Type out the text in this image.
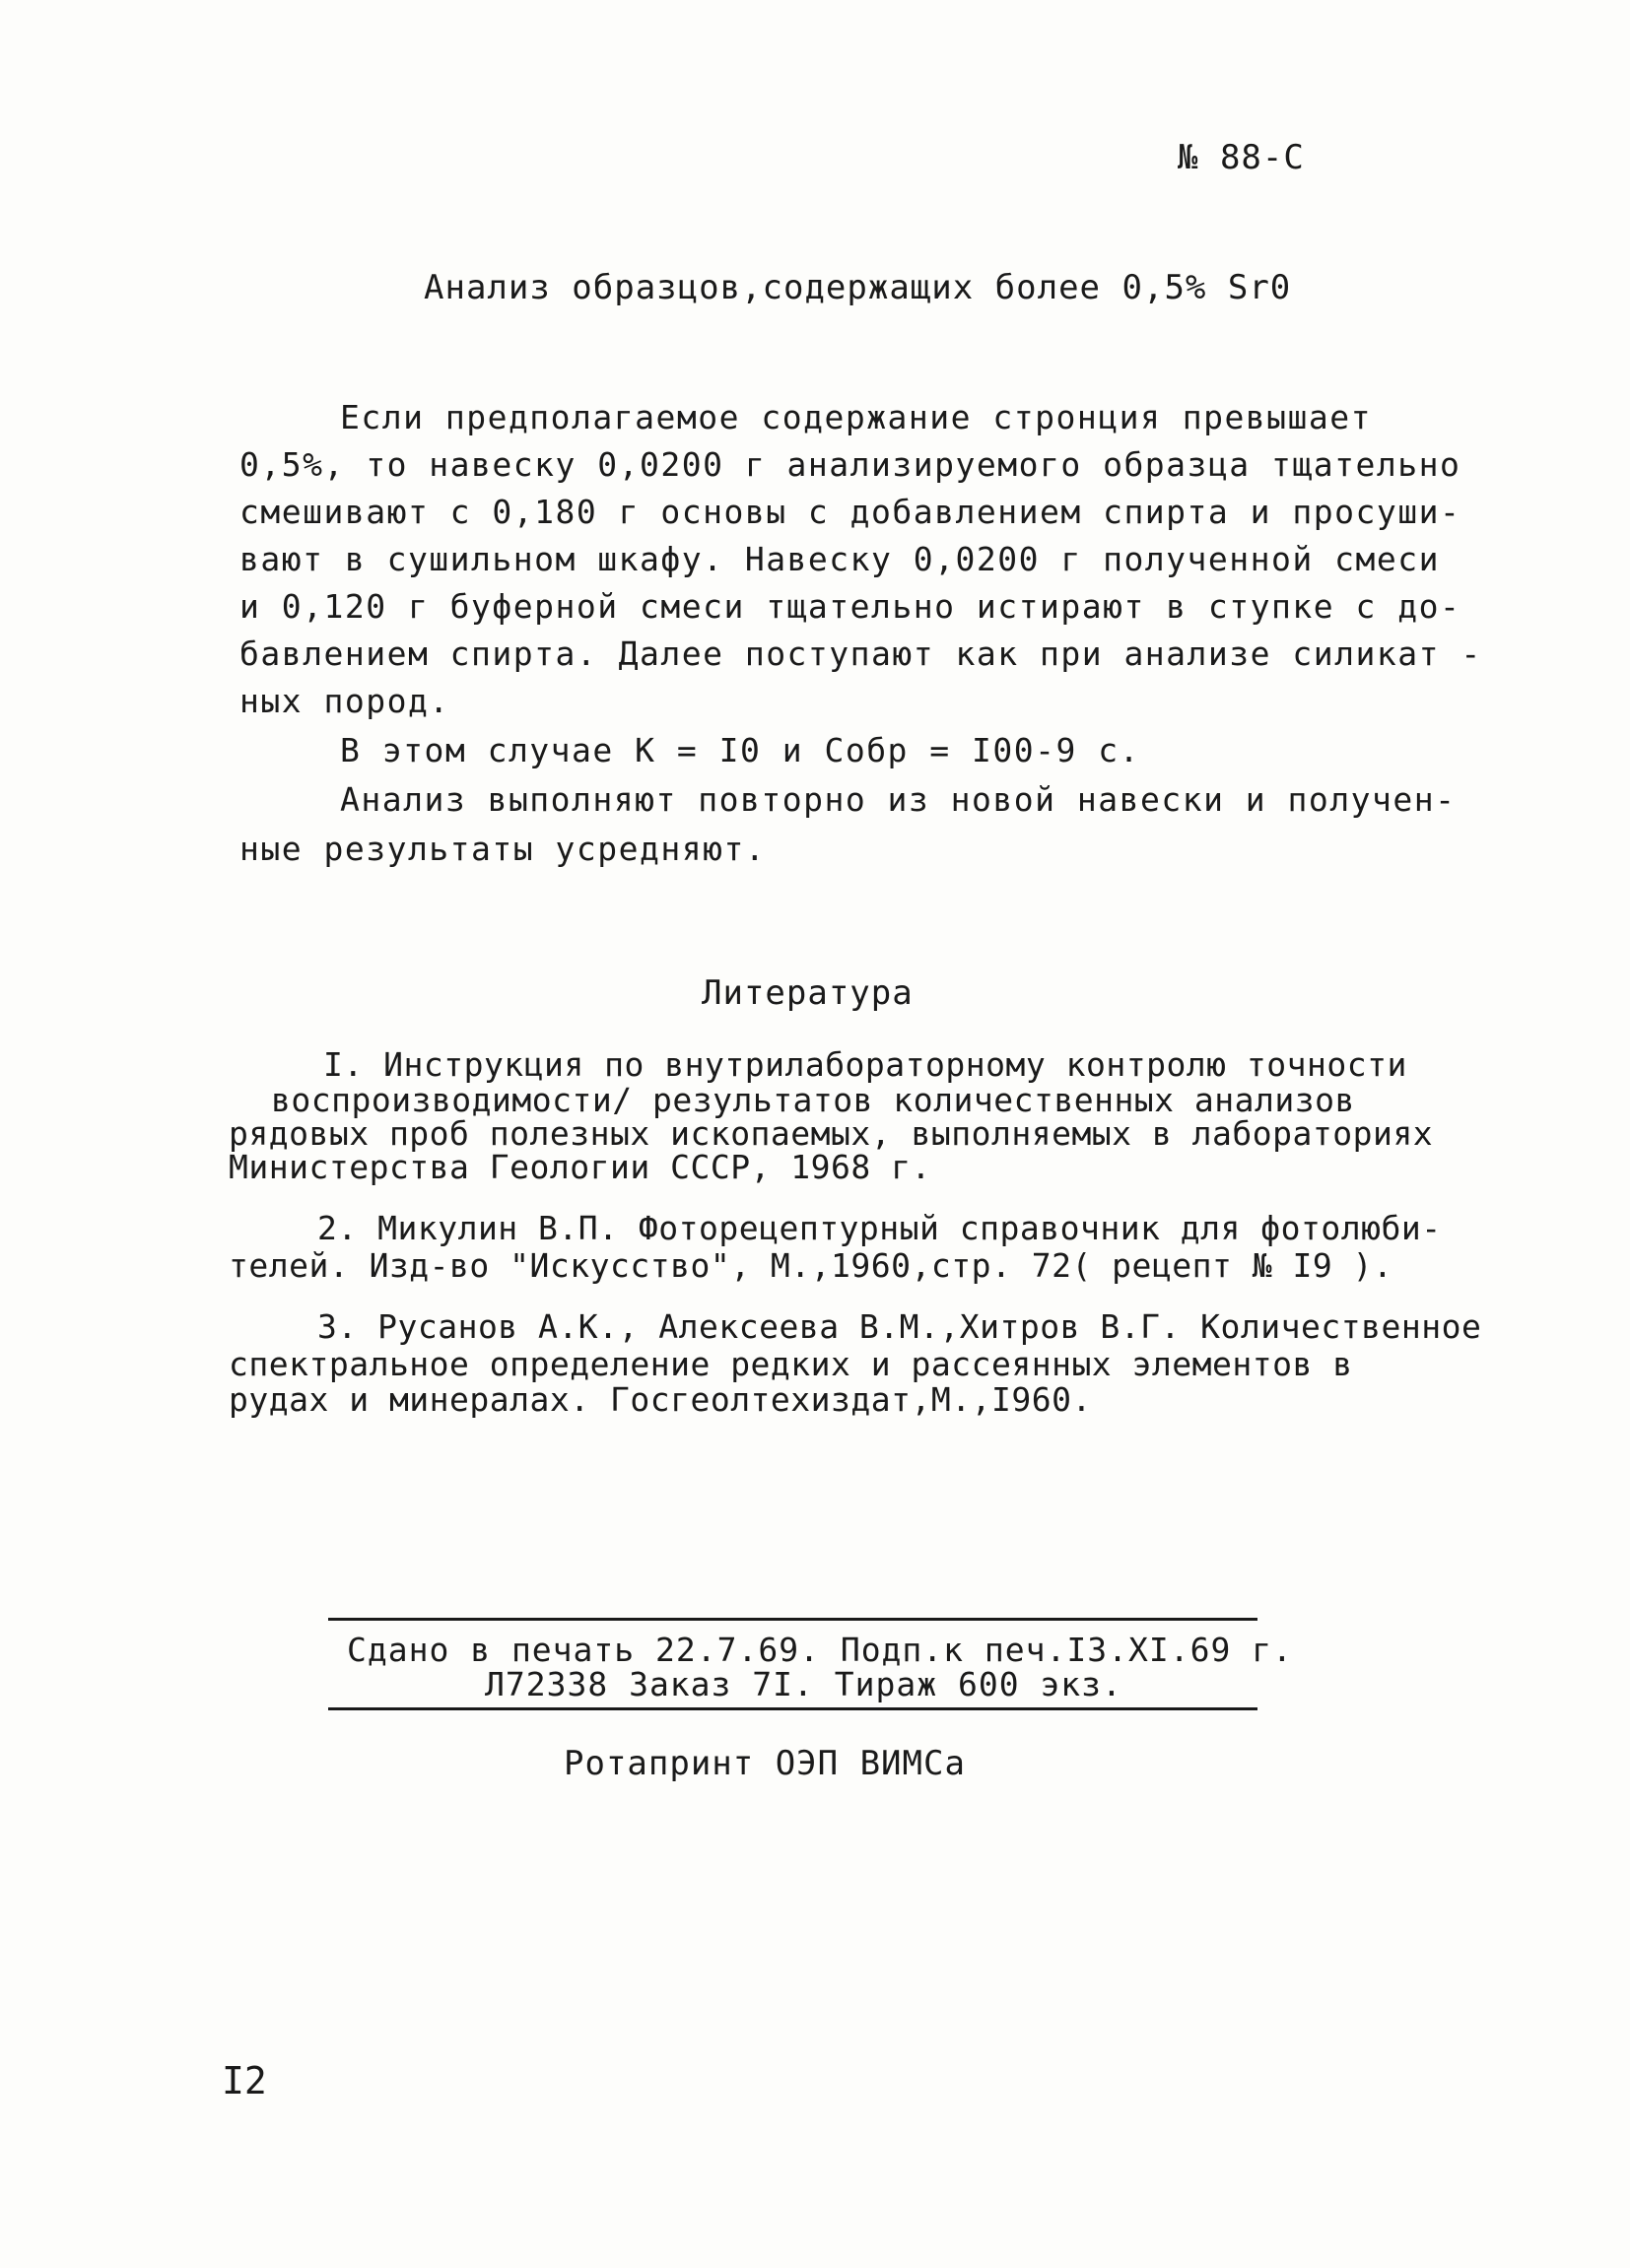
№ 88-С
Анализ образцов,содержащих более 0,5% Sr0
Если предполагаемое содержание стронция превышает
0,5%, то навеску 0,0200 г анализируемого образца тщательно
смешивают с 0,180 г основы с добавлением спирта и просуши-
вают в сушильном шкафу. Навеску 0,0200 г полученной смеси
и 0,120 г буферной смеси тщательно истирают в ступке с до-
бавлением спирта. Далее поступают как при анализе силикат -
ных пород.
В этом случае К = I0 и Собр = I00-9 с.
Анализ выполняют повторно из новой навески и получен-
ные результаты усредняют.
Литература
I. Инструкция по внутрилабораторному контролю точности
воспроизводимости/ результатов количественных анализов
рядовых проб полезных ископаемых, выполняемых в лабораториях
Министерства Геологии СССР, 1968 г.
2. Микулин В.П. Фоторецептурный справочник для фотолюби-
телей. Изд-во "Искусство", М.,1960,стр. 72( рецепт № I9 ).
3. Русанов А.К., Алексеева В.М.,Хитров В.Г. Количественное
спектральное определение редких и рассеянных элементов в
рудах и минералах. Госгеолтехиздат,М.,I960.
Сдано в печать 22.7.69. Подп.к печ.I3.XI.69 г.
Л72338 Заказ 7I. Тираж 600 экз.
Ротапринт ОЭП ВИМСа
I2
